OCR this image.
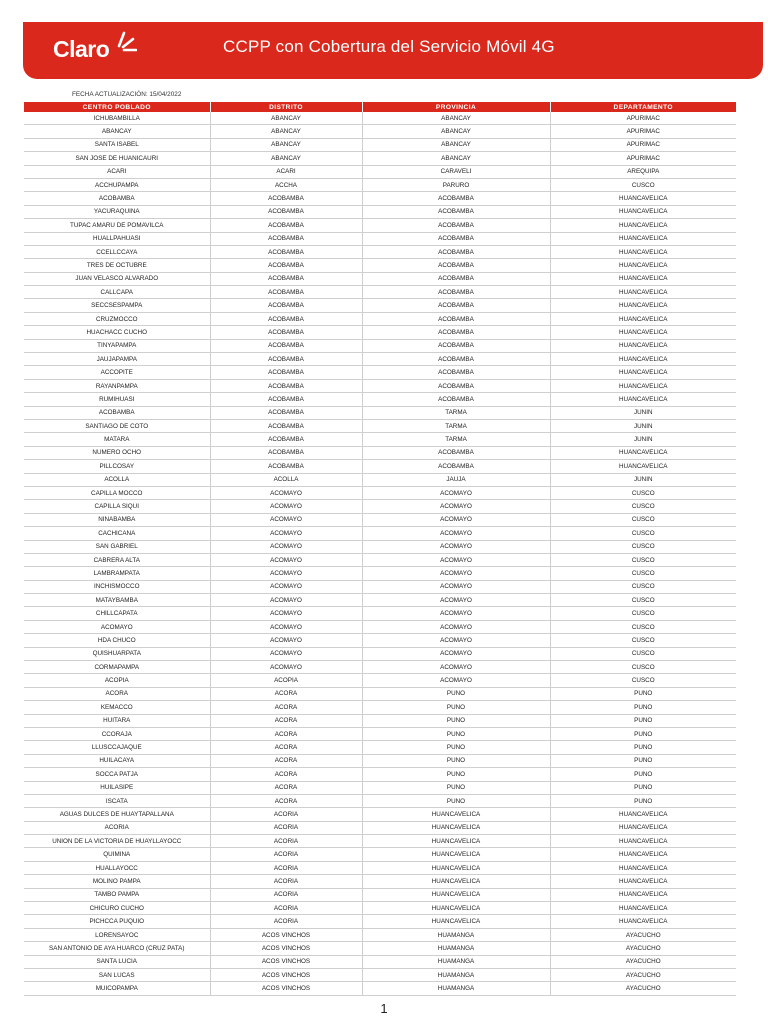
Claro	CCPP con Cobertura del Servicio Móvil 4G
FECHA ACTUALIZACIÓN: 15/04/2022
CENTRO POBLADO	DISTRITO	PROVINCIA	DEPARTAMENTO
ICHUBAMBILLA	ABANCAY	ABANCAY	APURIMAC
ABANCAY	ABANCAY	ABANCAY	APURIMAC
SANTA ISABEL	ABANCAY	ABANCAY	APURIMAC
SAN JOSE DE HUANICAURI	ABANCAY	ABANCAY	APURIMAC
ACARI	ACARI	CARAVELI	AREQUIPA
ACCHUPAMPA	ACCHA	PARURO	CUSCO
ACOBAMBA	ACOBAMBA	ACOBAMBA	HUANCAVELICA
YACURAQUINA	ACOBAMBA	ACOBAMBA	HUANCAVELICA
TUPAC AMARU DE POMAVILCA	ACOBAMBA	ACOBAMBA	HUANCAVELICA
HUALLPAHUASI	ACOBAMBA	ACOBAMBA	HUANCAVELICA
CCELLCCAYA	ACOBAMBA	ACOBAMBA	HUANCAVELICA
TRES DE OCTUBRE	ACOBAMBA	ACOBAMBA	HUANCAVELICA
JUAN VELASCO ALVARADO	ACOBAMBA	ACOBAMBA	HUANCAVELICA
CALLCAPA	ACOBAMBA	ACOBAMBA	HUANCAVELICA
SECCSESPAMPA	ACOBAMBA	ACOBAMBA	HUANCAVELICA
CRUZMOCCO	ACOBAMBA	ACOBAMBA	HUANCAVELICA
HUACHACC CUCHO	ACOBAMBA	ACOBAMBA	HUANCAVELICA
TINYAPAMPA	ACOBAMBA	ACOBAMBA	HUANCAVELICA
JAUJAPAMPA	ACOBAMBA	ACOBAMBA	HUANCAVELICA
ACCOPITE	ACOBAMBA	ACOBAMBA	HUANCAVELICA
RAYANPAMPA	ACOBAMBA	ACOBAMBA	HUANCAVELICA
RUMIHUASI	ACOBAMBA	ACOBAMBA	HUANCAVELICA
ACOBAMBA	ACOBAMBA	TARMA	JUNIN
SANTIAGO DE COTO	ACOBAMBA	TARMA	JUNIN
MATARA	ACOBAMBA	TARMA	JUNIN
NUMERO OCHO	ACOBAMBA	ACOBAMBA	HUANCAVELICA
PILLCOSAY	ACOBAMBA	ACOBAMBA	HUANCAVELICA
ACOLLA	ACOLLA	JAUJA	JUNIN
CAPILLA MOCCO	ACOMAYO	ACOMAYO	CUSCO
CAPILLA SIQUI	ACOMAYO	ACOMAYO	CUSCO
NINABAMBA	ACOMAYO	ACOMAYO	CUSCO
CACHICANA	ACOMAYO	ACOMAYO	CUSCO
SAN GABRIEL	ACOMAYO	ACOMAYO	CUSCO
CABRERA ALTA	ACOMAYO	ACOMAYO	CUSCO
LAMBRAMPATA	ACOMAYO	ACOMAYO	CUSCO
INCHISMOCCO	ACOMAYO	ACOMAYO	CUSCO
MATAYBAMBA	ACOMAYO	ACOMAYO	CUSCO
CHILLCAPATA	ACOMAYO	ACOMAYO	CUSCO
ACOMAYO	ACOMAYO	ACOMAYO	CUSCO
HDA CHUCO	ACOMAYO	ACOMAYO	CUSCO
QUISHUARPATA	ACOMAYO	ACOMAYO	CUSCO
CORMAPAMPA	ACOMAYO	ACOMAYO	CUSCO
ACOPIA	ACOPIA	ACOMAYO	CUSCO
ACORA	ACORA	PUNO	PUNO
KEMACCO	ACORA	PUNO	PUNO
HUITARA	ACORA	PUNO	PUNO
CCORAJA	ACORA	PUNO	PUNO
LLUSCCAJAQUE	ACORA	PUNO	PUNO
HUILACAYA	ACORA	PUNO	PUNO
SOCCA PATJA	ACORA	PUNO	PUNO
HUILASIPE	ACORA	PUNO	PUNO
ISCATA	ACORA	PUNO	PUNO
AGUAS DULCES DE HUAYTAPALLANA	ACORIA	HUANCAVELICA	HUANCAVELICA
ACORIA	ACORIA	HUANCAVELICA	HUANCAVELICA
UNION DE LA VICTORIA DE HUAYLLAYOCC	ACORIA	HUANCAVELICA	HUANCAVELICA
QUIMINA	ACORIA	HUANCAVELICA	HUANCAVELICA
HUALLAYOCC	ACORIA	HUANCAVELICA	HUANCAVELICA
MOLINO PAMPA	ACORIA	HUANCAVELICA	HUANCAVELICA
TAMBO PAMPA	ACORIA	HUANCAVELICA	HUANCAVELICA
CHICURO CUCHO	ACORIA	HUANCAVELICA	HUANCAVELICA
PICHCCA PUQUIO	ACORIA	HUANCAVELICA	HUANCAVELICA
LORENSAYOC	ACOS VINCHOS	HUAMANGA	AYACUCHO
SAN ANTONIO DE AYA HUARCO (CRUZ PATA)	ACOS VINCHOS	HUAMANGA	AYACUCHO
SANTA LUCIA	ACOS VINCHOS	HUAMANGA	AYACUCHO
SAN LUCAS	ACOS VINCHOS	HUAMANGA	AYACUCHO
MUICOPAMPA	ACOS VINCHOS	HUAMANGA	AYACUCHO
1
